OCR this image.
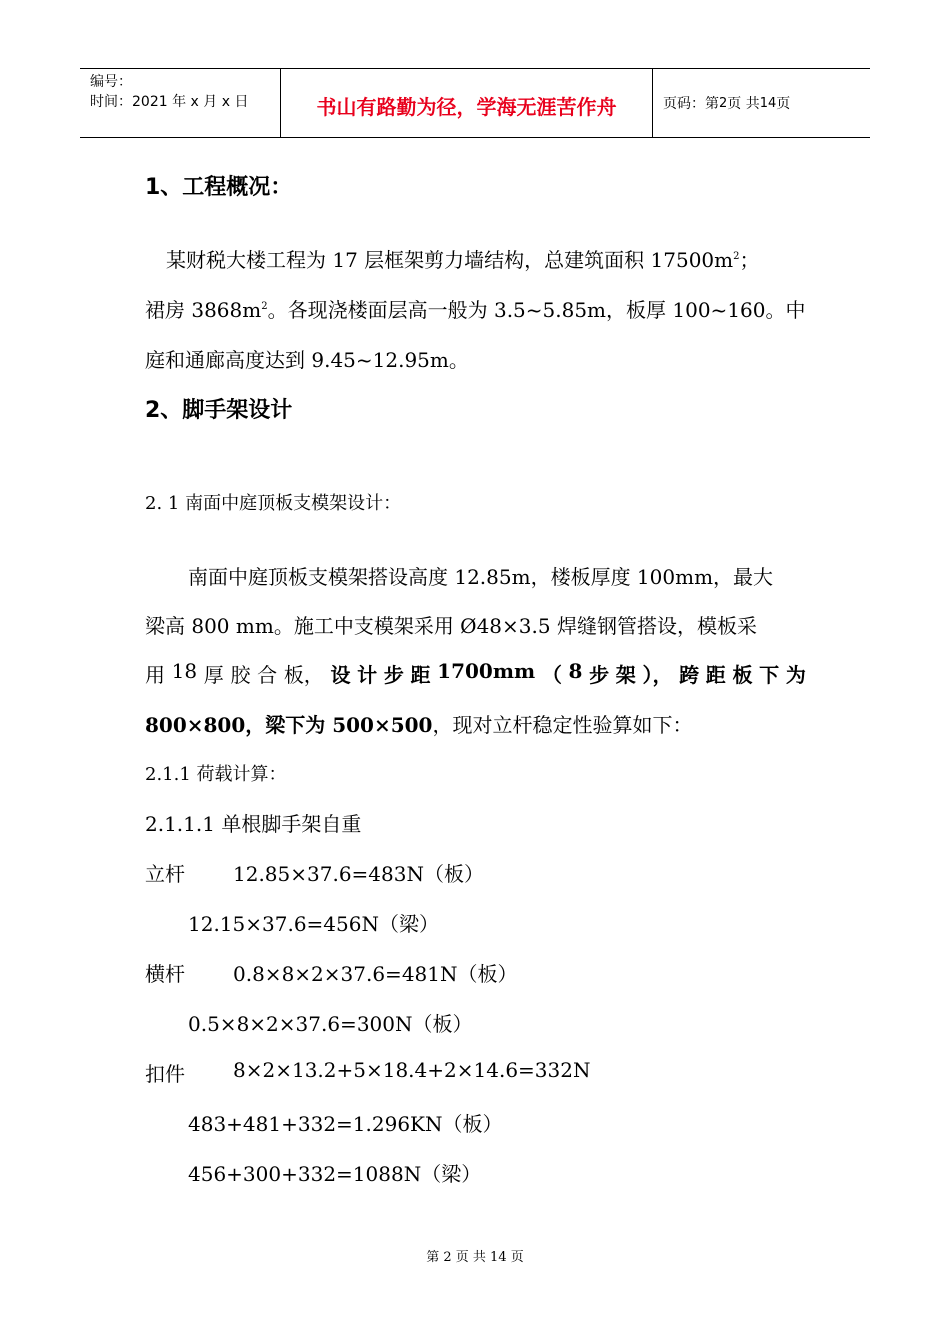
编号：
时间：2021 年 x 月 x 日	书山有路勤为径，学海无涯苦作舟	页码：第 2 页 共 14 页
1、工程概况：
某财税大楼工程为 17 层框架剪力墙结构，总建筑面积 $17500m^2$；
裙房 $3868m^2$。各现浇楼面层高一般为 3.5~5.85m，板厚 100~160。中
庭和通廊高度达到 9.45~12.95m。
2、脚手架设计
2. 1 南面中庭顶板支模架设计：
南面中庭顶板支模架搭设高度 12.85m，楼板厚度 100mm，最大
梁高 800 mm。施工中支模架采用 Ø48×3.5 焊缝钢管搭设，模板采
用 18 厚 胶 合 板， 设 计 步 距 1700mm （ 8 步 架 ）， 跨 距 板 下 为
800×800，梁下为 500×500，现对立杆稳定性验算如下：
2.1.1 荷载计算：
2.1.1.1 单根脚手架自重
立杆 12.85×37.6=483N（板）
12.15×37.6=456N（梁）
横杆 0.8×8×2×37.6=481N（板）
0.5×8×2×37.6=300N（板）
扣件 8×2×13.2+5×18.4+2×14.6=332N
483+481+332=1.296KN（板）
456+300+332=1088N（梁）
第 2 页 共 14 页
